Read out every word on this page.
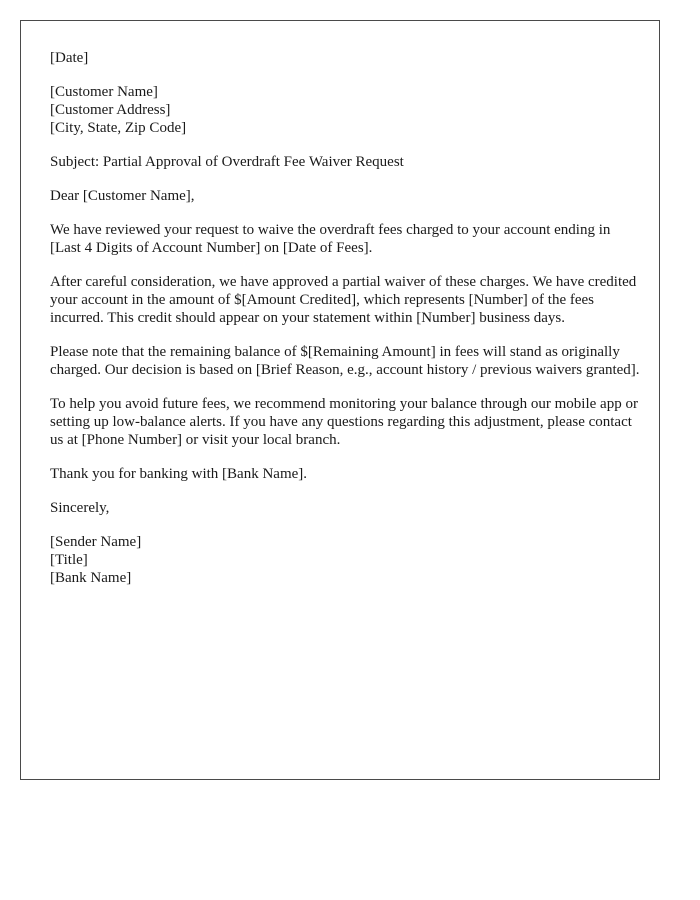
[Date]
[Customer Name]
[Customer Address]
[City, State, Zip Code]
Subject: Partial Approval of Overdraft Fee Waiver Request
Dear [Customer Name],

We have reviewed your request to waive the overdraft fees charged to your account ending in [Last 4 Digits of Account Number] on [Date of Fees].

After careful consideration, we have approved a partial waiver of these charges. We have credited your account in the amount of $[Amount Credited], which represents [Number] of the fees incurred. This credit should appear on your statement within [Number] business days.

Please note that the remaining balance of $[Remaining Amount] in fees will stand as originally charged. Our decision is based on [Brief Reason, e.g., account history / previous waivers granted].

To help you avoid future fees, we recommend monitoring your balance through our mobile app or setting up low-balance alerts. If you have any questions regarding this adjustment, please contact us at [Phone Number] or visit your local branch.

Thank you for banking with [Bank Name].

Sincerely,
[Sender Name]
[Title]
[Bank Name]
